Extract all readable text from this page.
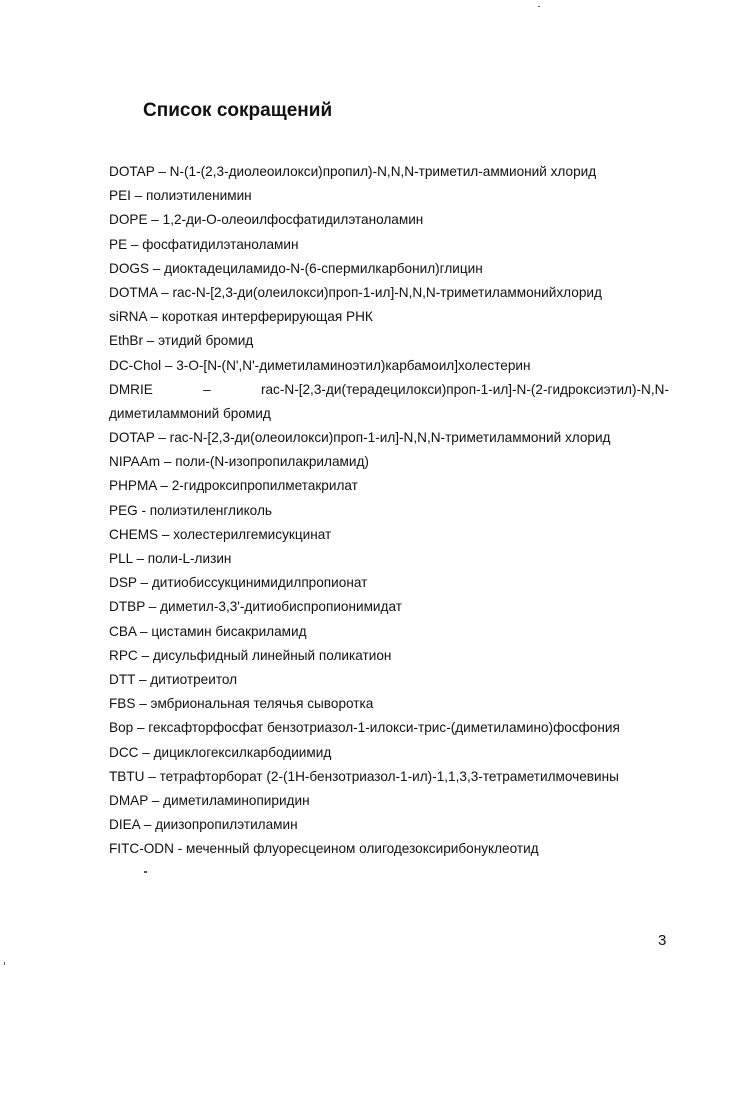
Список сокращений
DOTAP – N-(1-(2,3-диолеоилокси)пропил)-N,N,N-триметил-аммионий хлорид
PEI – полиэтиленимин
DOPE – 1,2-ди-O-олеоилфосфатидилэтаноламин
PE – фосфатидилэтаноламин
DOGS – диоктадециламидо-N-(6-спермилкарбонил)глицин
DOTMA – rac-N-[2,3-ди(олеилокси)проп-1-ил]-N,N,N-триметиламмонийхлорид
siRNA – короткая интерферирующая РНК
EthBr – этидий бромид
DC-Chol – 3-O-[N-(N',N'-диметиламиноэтил)карбамоил]холестерин
DMRIE	–	rac-N-[2,3-ди(терадецилокси)проп-1-ил]-N-(2-гидроксиэтил)-N,N-
диметиламмоний бромид
DOTAP – rac-N-[2,3-ди(олеоилокси)проп-1-ил]-N,N,N-триметиламмоний хлорид
NIPAAm – поли-(N-изопропилакриламид)
PHPMA – 2-гидроксипропилметакрилат
PEG - полиэтиленгликоль
CHEMS – холестерилгемисукцинат
PLL – поли-L-лизин
DSP – дитиобиссукцинимидилпропионат
DTBP – диметил-3,3'-дитиобиспропионимидат
CBA – цистамин бисакриламид
RPC – дисульфидный линейный поликатион
DTT – дитиотреитол
FBS – эмбриональная телячья сыворотка
Bop – гексафторфосфат бензотриазол-1-илокси-трис-(диметиламино)фосфония
DCC – дициклогексилкарбодиимид
TBTU – тетрафторборат (2-(1H-бензотриазол-1-ил)-1,1,3,3-тетраметилмочевины
DMAP – диметиламинопиридин
DIEA – диизопропилэтиламин
FITC-ODN - меченный флуоресцеином олигодезоксирибонуклеотид
3
